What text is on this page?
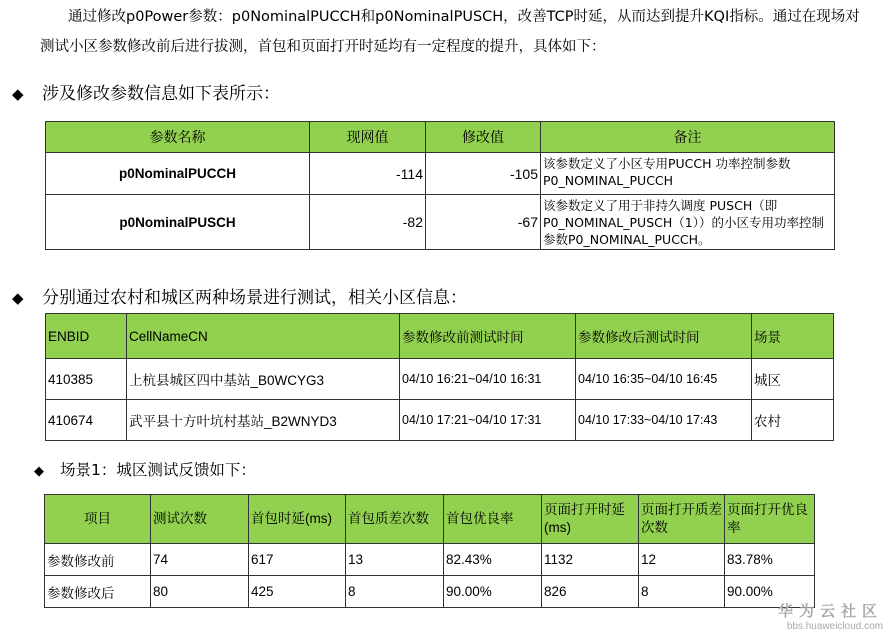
通过修改p0Power参数：p0NominalPUCCH和p0NominalPUSCH，改善TCP时延，从而达到提升KQI指标。通过在现场对测试小区参数修改前后进行拔测，首包和页面打开时延均有一定程度的提升，具体如下：
◆ 涉及修改参数信息如下表所示：
参数名称	现网值	修改值	备注
p0NominalPUCCH	-114	-105	该参数定义了小区专用PUCCH 功率控制参数P0_NOMINAL_PUCCH
p0NominalPUSCH	-82	-67	该参数定义了用于非持久调度 PUSCH（即P0_NOMINAL_PUSCH（1））的小区专用功率控制参数P0_NOMINAL_PUCCH。
◆ 分别通过农村和城区两种场景进行测试，相关小区信息：
ENBID	CellNameCN	参数修改前测试时间	参数修改后测试时间	场景
410385	上杭县城区四中基站_B0WCYG3	04/10 16:21~04/10 16:31	04/10 16:35~04/10 16:45	城区
410674	武平县十方叶坑村基站_B2WNYD3	04/10 17:21~04/10 17:31	04/10 17:33~04/10 17:43	农村
◆ 场景1：城区测试反馈如下：
项目	测试次数	首包时延(ms)	首包质差次数	首包优良率	页面打开时延(ms)	页面打开质差次数	页面打开优良率
参数修改前	74	617	13	82.43%	1132	12	83.78%
参数修改后	80	425	8	90.00%	826	8	90.00%
华为云社区
bbs.huaweicloud.com
